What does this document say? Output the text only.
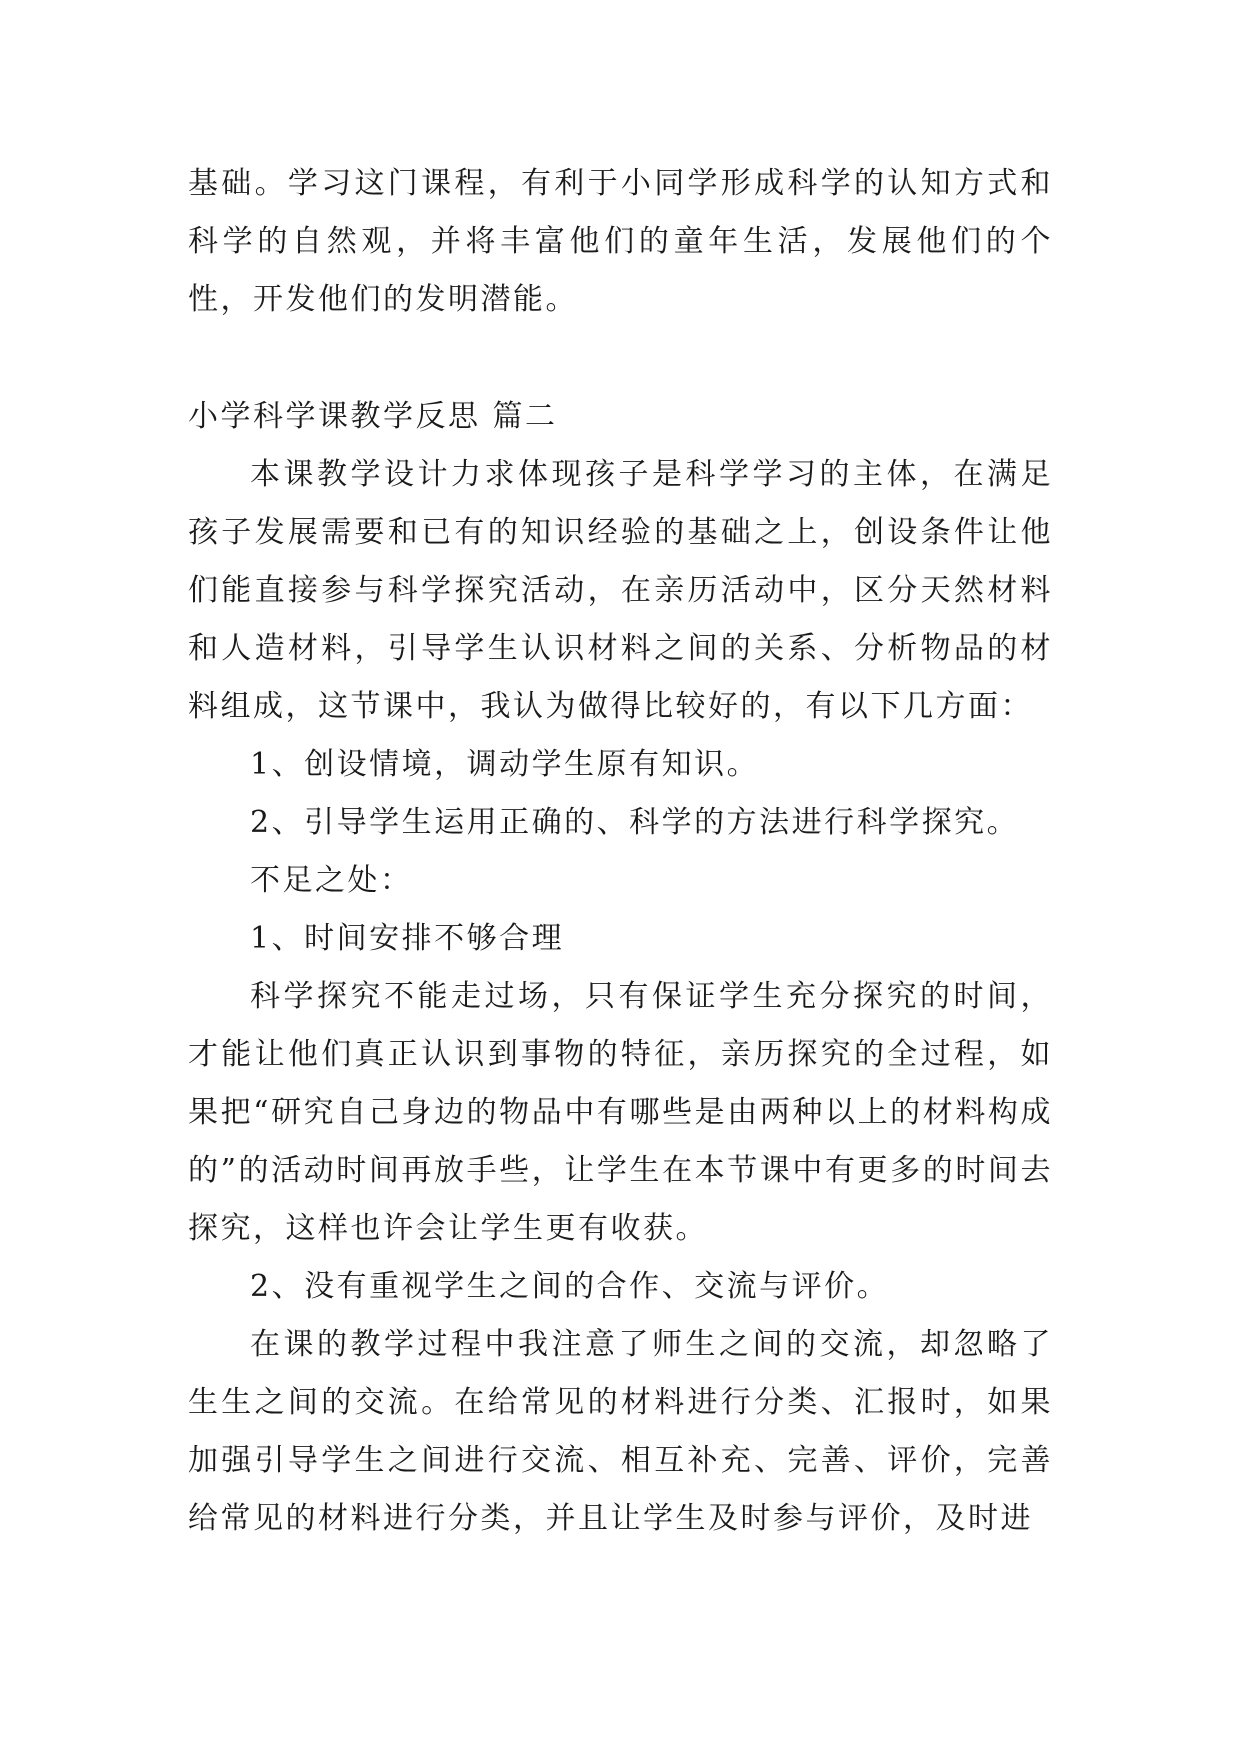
基础。学习这门课程，有利于小同学形成科学的认知方式和科学的自然观，并将丰富他们的童年生活，发展他们的个性，开发他们的发明潜能。

小学科学课教学反思 篇二

本课教学设计力求体现孩子是科学学习的主体，在满足孩子发展需要和已有的知识经验的基础之上，创设条件让他们能直接参与科学探究活动，在亲历活动中，区分天然材料和人造材料，引导学生认识材料之间的关系、分析物品的材料组成，这节课中，我认为做得比较好的，有以下几方面：

1、创设情境，调动学生原有知识。

2、引导学生运用正确的、科学的方法进行科学探究。

不足之处：

1、时间安排不够合理

科学探究不能走过场，只有保证学生充分探究的时间，才能让他们真正认识到事物的特征，亲历探究的全过程，如果把“研究自己身边的物品中有哪些是由两种以上的材料构成的”的活动时间再放手些，让学生在本节课中有更多的时间去探究，这样也许会让学生更有收获。

2、没有重视学生之间的合作、交流与评价。

在课的教学过程中我注意了师生之间的交流，却忽略了生生之间的交流。在给常见的材料进行分类、汇报时，如果加强引导学生之间进行交流、相互补充、完善、评价，完善给常见的材料进行分类，并且让学生及时参与评价，及时进
